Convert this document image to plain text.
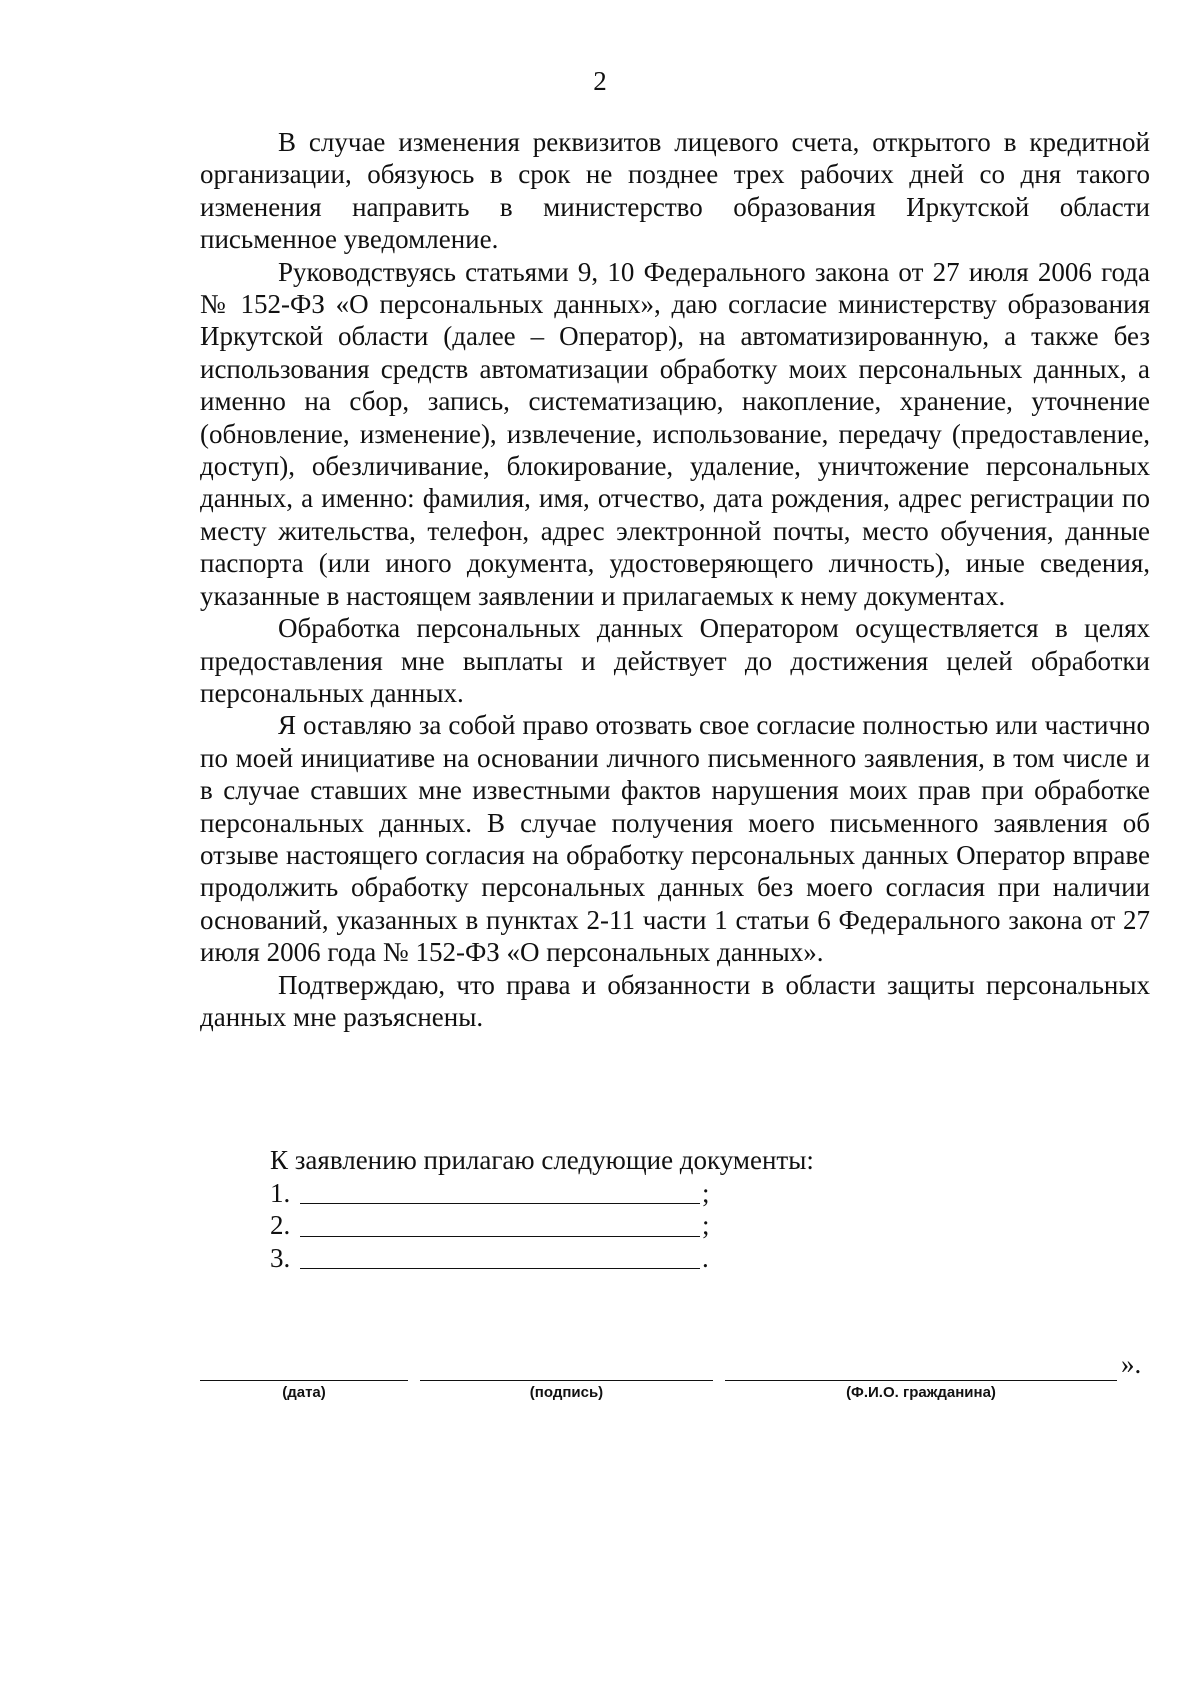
2

В случае изменения реквизитов лицевого счета, открытого в кредитной организации, обязуюсь в срок не позднее трех рабочих дней со дня такого изменения направить в министерство образования Иркутской области письменное уведомление.

Руководствуясь статьями 9, 10 Федерального закона от 27 июля 2006 года № 152-ФЗ «О персональных данных», даю согласие министерству образования Иркутской области (далее – Оператор), на автоматизированную, а также без использования средств автоматизации обработку моих персональных данных, а именно на сбор, запись, систематизацию, накопление, хранение, уточнение (обновление, изменение), извлечение, использование, передачу (предоставление, доступ), обезличивание, блокирование, удаление, уничтожение персональных данных, а именно: фамилия, имя, отчество, дата рождения, адрес регистрации по месту жительства, телефон, адрес электронной почты, место обучения, данные паспорта (или иного документа, удостоверяющего личность), иные сведения, указанные в настоящем заявлении и прилагаемых к нему документах.

Обработка персональных данных Оператором осуществляется в целях предоставления мне выплаты и действует до достижения целей обработки персональных данных.

Я оставляю за собой право отозвать свое согласие полностью или частично по моей инициативе на основании личного письменного заявления, в том числе и в случае ставших мне известными фактов нарушения моих прав при обработке персональных данных. В случае получения моего письменного заявления об отзыве настоящего согласия на обработку персональных данных Оператор вправе продолжить обработку персональных данных без моего согласия при наличии оснований, указанных в пунктах 2-11 части 1 статьи 6 Федерального закона от 27 июля 2006 года № 152-ФЗ «О персональных данных».

Подтверждаю, что права и обязанности в области защиты персональных данных мне разъяснены.

К заявлению прилагаю следующие документы:

1.	;
2.	;
3.	.
».
(дата)	(подпись)	(Ф.И.О. гражданина)
